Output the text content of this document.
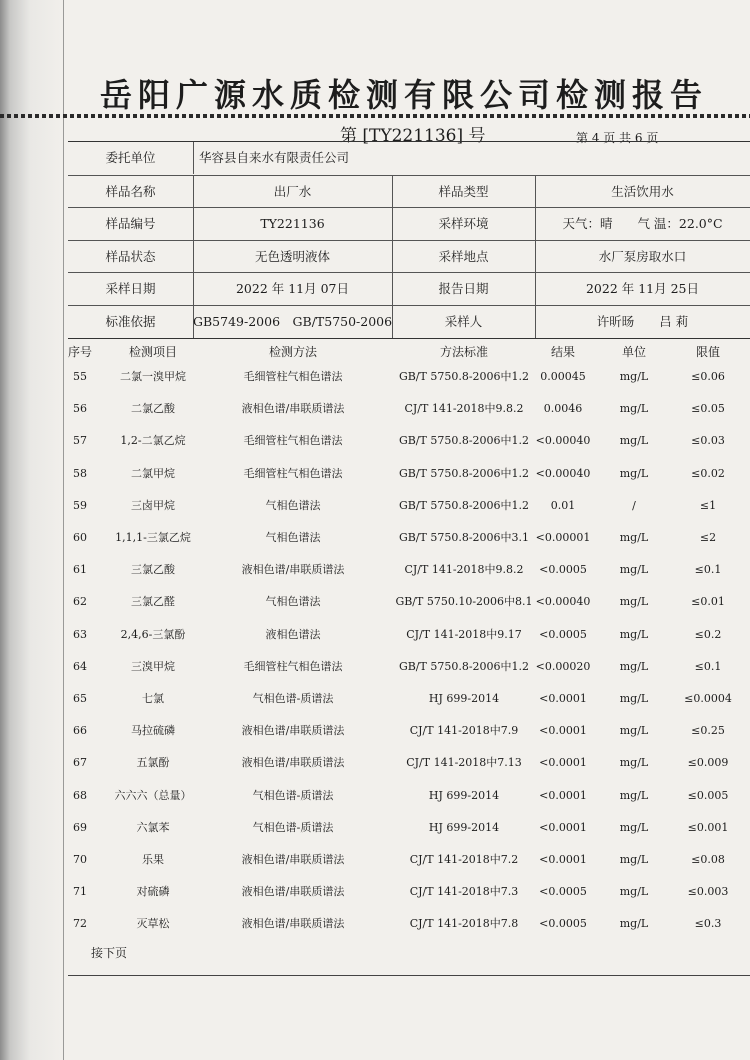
岳阳广源水质检测有限公司检测报告
第 [TY221136] 号	第 4 页 共 6 页
委托单位	华容县自来水有限责任公司
样品名称	出厂水	样品类型	生活饮用水
样品编号	TY221136	采样环境	天气：晴　　气 温：22.0°C
样品状态	无色透明液体	采样地点	水厂泵房取水口
采样日期	2022 年 11月 07日	报告日期	2022 年 11月 25日
标准依据	GB5749-2006　GB/T5750-2006	采样人	许昕旸　　吕 莉
序号	检测项目	检测方法	方法标准	结果	单位	限值
55	二氯一溴甲烷	毛细管柱气相色谱法	GB/T 5750.8-2006中1.2	0.00045	mg/L	≤0.06
56	二氯乙酸	液相色谱/串联质谱法	CJ/T 141-2018中9.8.2	0.0046	mg/L	≤0.05
57	1,2-二氯乙烷	毛细管柱气相色谱法	GB/T 5750.8-2006中1.2 <0.00040	mg/L	≤0.03
58	二氯甲烷	毛细管柱气相色谱法	GB/T 5750.8-2006中1.2 <0.00040	mg/L	≤0.02
59	三卤甲烷	气相色谱法	GB/T 5750.8-2006中1.2	0.01	/	≤1
60	1,1,1-三氯乙烷	气相色谱法	GB/T 5750.8-2006中3.1 <0.00001	mg/L	≤2
61	三氯乙酸	液相色谱/串联质谱法	CJ/T 141-2018中9.8.2	<0.0005	mg/L	≤0.1
62	三氯乙醛	气相色谱法	GB/T 5750.10-2006中8.1 <0.00040	mg/L	≤0.01
63	2,4,6-三氯酚	液相色谱法	CJ/T 141-2018中9.17	<0.0005	mg/L	≤0.2
64	三溴甲烷	毛细管柱气相色谱法	GB/T 5750.8-2006中1.2 <0.00020	mg/L	≤0.1
65	七氯	气相色谱-质谱法	HJ 699-2014	<0.0001	mg/L	≤0.0004
66	马拉硫磷	液相色谱/串联质谱法	CJ/T 141-2018中7.9	<0.0001	mg/L	≤0.25
67	五氯酚	液相色谱/串联质谱法	CJ/T 141-2018中7.13	<0.0001	mg/L	≤0.009
68	六六六（总量）	气相色谱-质谱法	HJ 699-2014	<0.0001	mg/L	≤0.005
69	六氯苯	气相色谱-质谱法	HJ 699-2014	<0.0001	mg/L	≤0.001
70	乐果	液相色谱/串联质谱法	CJ/T 141-2018中7.2	<0.0001	mg/L	≤0.08
71	对硫磷	液相色谱/串联质谱法	CJ/T 141-2018中7.3	<0.0005	mg/L	≤0.003
72	灭草松	液相色谱/串联质谱法	CJ/T 141-2018中7.8	<0.0005	mg/L	≤0.3
接下页
